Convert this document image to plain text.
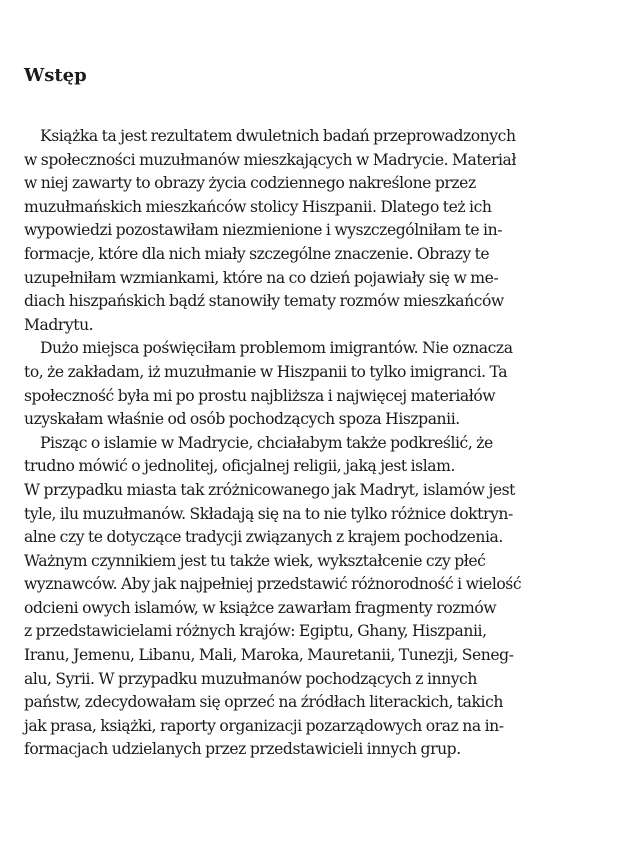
Wstęp

Książka ta jest rezultatem dwuletnich badań przeprowadzonych
w społeczności muzułmanów mieszkających w Madrycie. Materiał
w niej zawarty to obrazy życia codziennego nakreślone przez
muzułmańskich mieszkańców stolicy Hiszpanii. Dlatego też ich
wypowiedzi pozostawiłam niezmienione i wyszczególniłam te in-
formacje, które dla nich miały szczególne znaczenie. Obrazy te
uzupełniłam wzmiankami, które na co dzień pojawiały się w me-
diach hiszpańskich bądź stanowiły tematy rozmów mieszkańców
Madrytu.

Dużo miejsca poświęciłam problemom imigrantów. Nie oznacza
to, że zakładam, iż muzułmanie w Hiszpanii to tylko imigranci. Ta
społeczność była mi po prostu najbliższa i najwięcej materiałów
uzyskałam właśnie od osób pochodzących spoza Hiszpanii.

Pisząc o islamie w Madrycie, chciałabym także podkreślić, że
trudno mówić o jednolitej, oficjalnej religii, jaką jest islam.
W przypadku miasta tak zróżnicowanego jak Madryt, islamów jest
tyle, ilu muzułmanów. Składają się na to nie tylko różnice doktryn-
alne czy te dotyczące tradycji związanych z krajem pochodzenia.
Ważnym czynnikiem jest tu także wiek, wykształcenie czy płeć
wyznawców. Aby jak najpełniej przedstawić różnorodność i wielość
odcieni owych islamów, w książce zawarłam fragmenty rozmów
z przedstawicielami różnych krajów: Egiptu, Ghany, Hiszpanii,
Iranu, Jemenu, Libanu, Mali, Maroka, Mauretanii, Tunezji, Seneg-
alu, Syrii. W przypadku muzułmanów pochodzących z innych
państw, zdecydowałam się oprzeć na źródłach literackich, takich
jak prasa, książki, raporty organizacji pozarządowych oraz na in-
formacjach udzielanych przez przedstawicieli innych grup.
